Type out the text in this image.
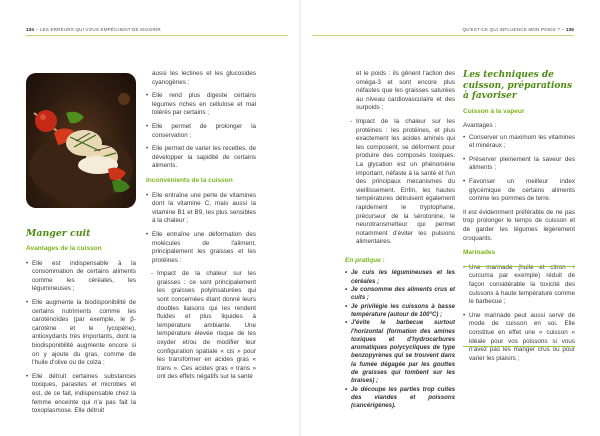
134 • LES ERREURS QUI VOUS EMPÊCHENT DE MAIGRIR	QU'EST-CE QUI INFLUENCE MON POIDS ? • 135
Manger cuit
Avantages de la cuisson
• Elle est indispensable à la consommation de certains aliments comme les céréales, les légumineuses ;
• Elle augmente la biodisponibilité de certains nutriments comme les caroténoïdes (par exemple, le β-carotène et le lycopène), antioxydants très importants, dont la biodisponibilité augmente encore si on y ajoute du gras, comme de l'huile d'olive ou de colza ;
• Elle détruit certaines substances toxiques, parasites et microbes et est, de ce fait, indispensable chez la femme enceinte qui n'a pas fait la toxoplasmose. Elle détruit
aussi les lectines et les glucosides cyanogènes ;
• Elle rend plus digeste certains légumes riches en cellulose et mal tolérés par certains ;
• Elle permet de prolonger la conservation ;
• Elle permet de varier les recettes, de développer la sapidité de certains aliments.
Inconvénients de la cuisson
• Elle entraîne une perte de vitamines dont la vitamine C, mais aussi la vitamine B1 et B9, les plus sensibles à la chaleur ;
• Elle entraîne une déformation des molécules de l'aliment, principalement les graisses et les protéines :
- Impact de la chaleur sur les graisses : ce sont principalement les graisses polyinsaturées qui sont concernées étant donné leurs doubles liaisons qui les rendent fluides et plus liquides à température ambiante. Une température élevée risque de les oxyder et/ou de modifier leur configuration spatiale « cis » pour les transformer en acides gras « trans ». Ces acides gras « trans » ont des effets négatifs sur la santé
et le poids : ils gênent l'action des oméga-3 et sont encore plus néfastes que les graisses saturées au niveau cardiovasculaire et des surpoids ;
- Impact de la chaleur sur les protéines : les protéines, et plus exactement les acides aminés qui les composent, se déforment pour produire des composés toxiques. La glycation est un phénomène important, néfaste à la santé et l'un des principaux mécanismes du vieillissement. Enfin, les hautes températures détruisent également rapidement le tryptophane, précurseur de la sérotonine, le neurotransmetteur qui permet notamment d'éviter les pulsions alimentaires.
En pratique :
• Je cuis les légumineuses et les céréales ;
• Je consomme des aliments crus et cuits ;
• Je privilégie les cuissons à basse température (autour de 100°C) ;
• J'évite le barbecue surtout l'horizontal (formation des amines toxiques et d'hydrocarbures aromatiques polycycliques de type benzopyrènes qui se trouvent dans la fumée dégagée par les gouttes de graisses qui tombent sur les braises) ;
• Je découpe les parties trop cuites des viandes et poissons (cancérigènes).
Les techniques de cuisson, préparations à favoriser
Cuisson à la vapeur
Avantages :
• Conserver un maximum les vitamines et minéraux ;
• Préserver pleinement la saveur des aliments ;
• Favoriser un meilleur index glycémique de certains aliments comme les pommes de terre.

Il est évidemment préférable de ne pas trop prolonger le temps de cuisson et de garder les légumes légèrement croquants.

Marinades
• Une marinade (huile et citron + curcuma par exemple) réduit de façon considérable la toxicité des cuissons à haute température comme le barbecue ;
• Une marinade peut aussi servir de mode de cuisson en soi. Elle constitue en effet une « cuisson » idéale pour vos poissons si vous n'avez pas les manger crus ou pour varier les plaisirs ;
